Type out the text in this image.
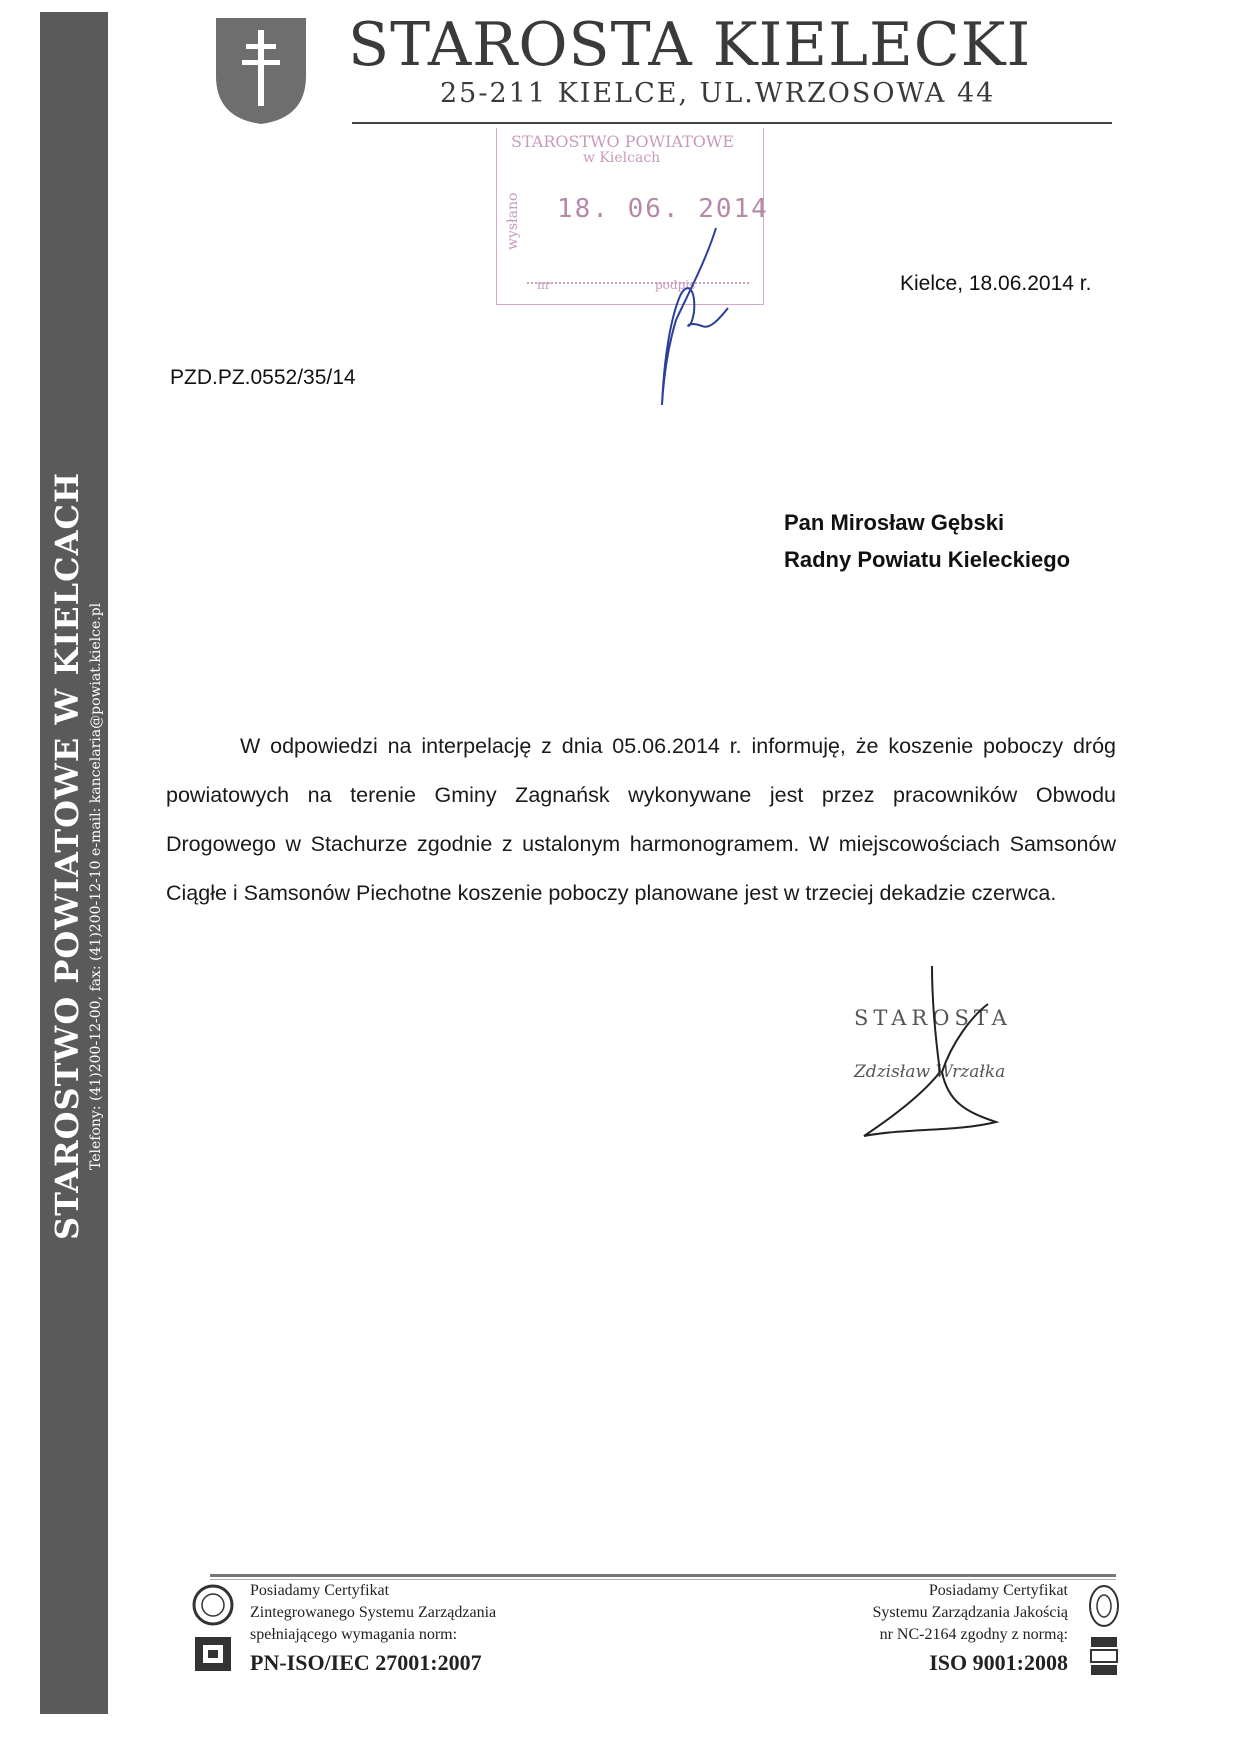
STAROSTWO POWIATOWE W KIELCACH Telefony: (41)200-12-00, fax: (41)200-12-10 e-mail: kancelaria@powiat.kielce.pl
STAROSTA KIELECKI
25-211 KIELCE, UL.WRZOSOWA 44
STAROSTWO POWIATOWE
w Kielcach
wysłano 18. 06. 2014
nr	podpis	Kielce, 18.06.2014 r.
PZD.PZ.0552/35/14
Pan Mirosław Gębski
Radny Powiatu Kieleckiego

W odpowiedzi na interpelację z dnia 05.06.2014 r. informuję, że koszenie poboczy dróg powiatowych na terenie Gminy Zagnańsk wykonywane jest przez pracowników Obwodu Drogowego w Stachurze zgodnie z ustalonym harmonogramem. W miejscowościach Samsonów Ciągłe i Samsonów Piechotne koszenie poboczy planowane jest w trzeciej dekadzie czerwca.

STAROSTA
Zdzisław Wrzałka
Posiadamy Certyfikat
Zintegrowanego Systemu Zarządzania
spełniającego wymagania norm:
PN-ISO/IEC 27001:2007
Posiadamy Certyfikat
Systemu Zarządzania Jakością
nr NC-2164 zgodny z normą:
ISO 9001:2008
